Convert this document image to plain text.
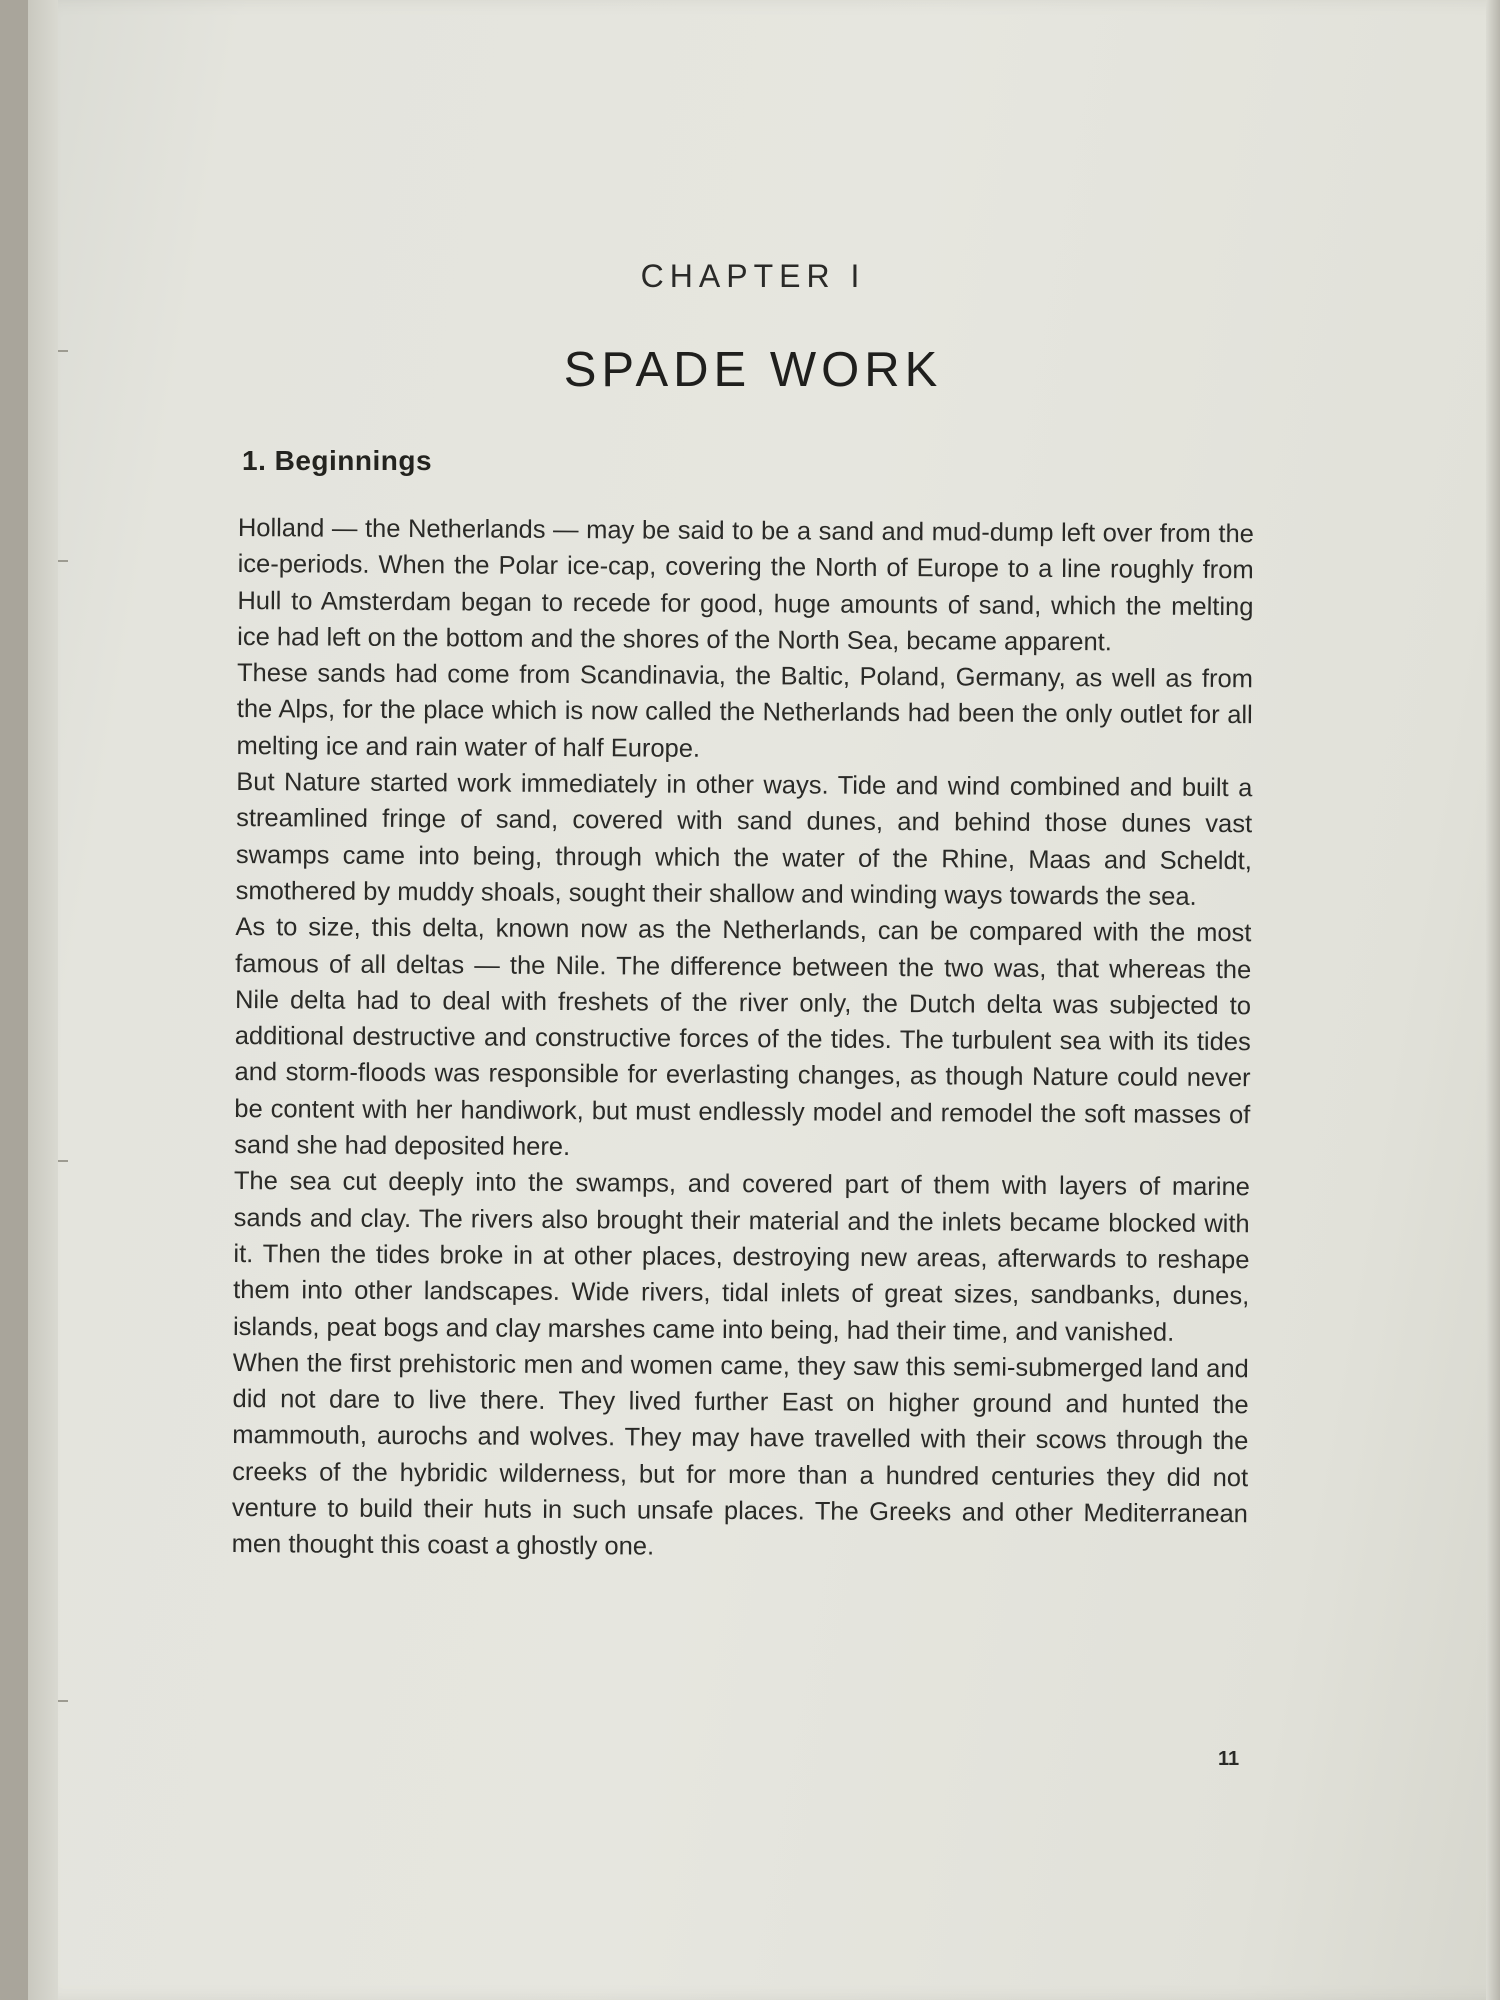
CHAPTER I
SPADE WORK
1. Beginnings

Holland — the Netherlands — may be said to be a sand and mud-dump left over from the ice-periods. When the Polar ice-cap, covering the North of Europe to a line roughly from Hull to Amsterdam began to recede for good, huge amounts of sand, which the melting ice had left on the bottom and the shores of the North Sea, became apparent.

These sands had come from Scandinavia, the Baltic, Poland, Germany, as well as from the Alps, for the place which is now called the Netherlands had been the only outlet for all melting ice and rain water of half Europe.

But Nature started work immediately in other ways. Tide and wind combined and built a streamlined fringe of sand, covered with sand dunes, and behind those dunes vast swamps came into being, through which the water of the Rhine, Maas and Scheldt, smothered by muddy shoals, sought their shallow and winding ways towards the sea.

As to size, this delta, known now as the Netherlands, can be compared with the most famous of all deltas — the Nile. The difference between the two was, that whereas the Nile delta had to deal with freshets of the river only, the Dutch delta was subjected to additional destructive and constructive forces of the tides. The turbulent sea with its tides and storm-floods was responsible for everlasting changes, as though Nature could never be content with her handiwork, but must endlessly model and remodel the soft masses of sand she had deposited here.

The sea cut deeply into the swamps, and covered part of them with layers of marine sands and clay. The rivers also brought their material and the inlets became blocked with it. Then the tides broke in at other places, destroying new areas, afterwards to reshape them into other landscapes. Wide rivers, tidal inlets of great sizes, sandbanks, dunes, islands, peat bogs and clay marshes came into being, had their time, and vanished.

When the first prehistoric men and women came, they saw this semi-submerged land and did not dare to live there. They lived further East on higher ground and hunted the mammouth, aurochs and wolves. They may have travelled with their scows through the creeks of the hybridic wilderness, but for more than a hundred centuries they did not venture to build their huts in such unsafe places. The Greeks and other Mediterranean men thought this coast a ghostly one.

11
